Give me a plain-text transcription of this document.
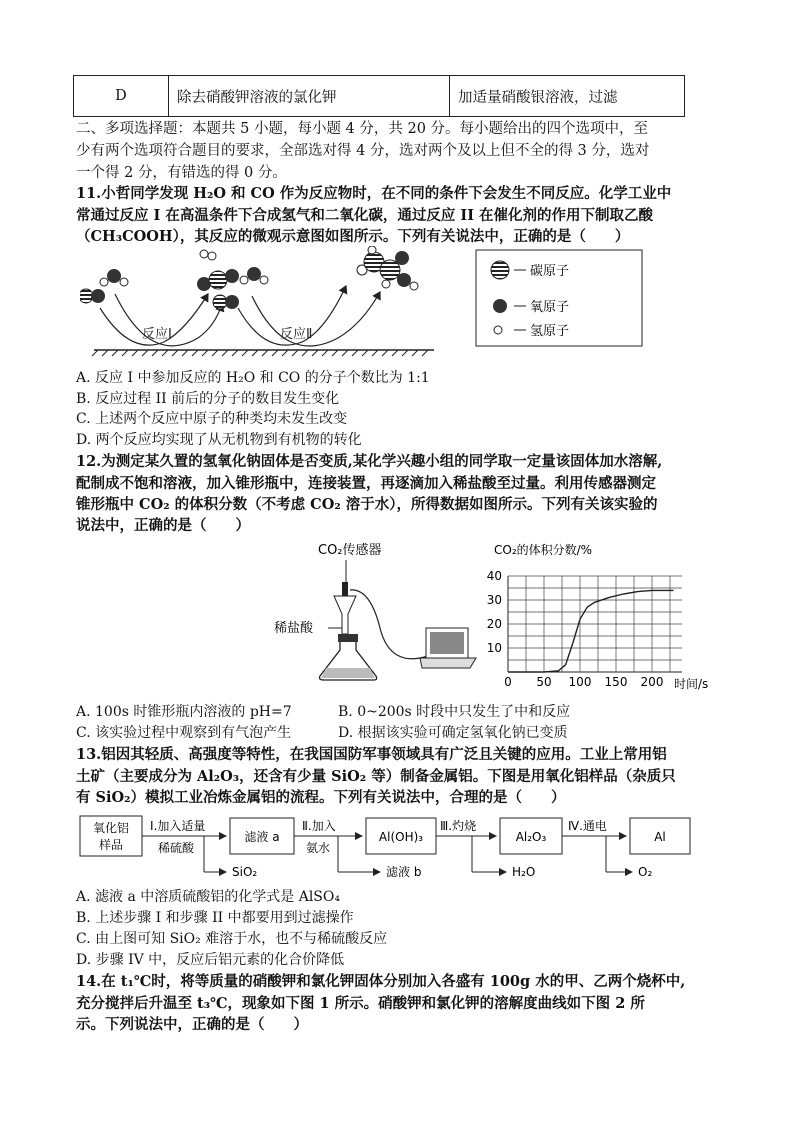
D	除去硝酸钾溶液的氯化钾	加适量硝酸银溶液，过滤
二、多项选择题：本题共 5 小题，每小题 4 分，共 20 分。每小题给出的四个选项中，至
少有两个选项符合题目的要求，全部选对得 4 分，选对两个及以上但不全的得 3 分，选对
一个得 2 分，有错选的得 0 分。
11.小哲同学发现 H₂O 和 CO 作为反应物时，在不同的条件下会发生不同反应。化学工业中
常通过反应 I 在高温条件下合成氢气和二氧化碳，通过反应 II 在催化剂的作用下制取乙酸
（CH₃COOH），其反应的微观示意图如图所示。下列有关说法中，正确的是（　　）
反应Ⅰ	反应Ⅱ
碳原子
氧原子
氢原子
A. 反应 I 中参加反应的 H₂O 和 CO 的分子个数比为 1:1
B. 反应过程 II 前后的分子的数目发生变化
C. 上述两个反应中原子的种类均未发生改变
D. 两个反应均实现了从无机物到有机物的转化
12.为测定某久置的氢氧化钠固体是否变质,某化学兴趣小组的同学取一定量该固体加水溶解,
配制成不饱和溶液，加入锥形瓶中，连接装置，再逐滴加入稀盐酸至过量。利用传感器测定
锥形瓶中 CO₂ 的体积分数（不考虑 CO₂ 溶于水），所得数据如图所示。下列有关该实验的
说法中，正确的是（　　）
CO₂传感器
稀盐酸
CO₂的体积分数/%
时间/s
0 50 100 150 200
10
20
30
40
A. 100s 时锥形瓶内溶液的 pH=7	B. 0~200s 时段中只发生了中和反应
C. 该实验过程中观察到有气泡产生	D. 根据该实验可确定氢氧化钠已变质
13.铝因其轻质、高强度等特性，在我国国防军事领域具有广泛且关键的应用。工业上常用铝
土矿（主要成分为 Al₂O₃，还含有少量 SiO₂ 等）制备金属铝。下图是用氧化铝样品（杂质只
有 SiO₂）模拟工业冶炼金属铝的流程。下列有关说法中，合理的是（　　）
氧化铝
样品
Ⅰ.加入适量
稀硫酸
SiO₂
滤液 a
Ⅱ.加入
氨水
滤液 b
Al(OH)₃
Ⅲ.灼烧
H₂O
Al₂O₃
Ⅳ.通电
O₂
Al
A. 滤液 a 中溶质硫酸铝的化学式是 AlSO₄
B. 上述步骤 I 和步骤 II 中都要用到过滤操作
C. 由上图可知 SiO₂ 难溶于水，也不与稀硫酸反应
D. 步骤 IV 中，反应后铝元素的化合价降低
14.在 t₁℃时，将等质量的硝酸钾和氯化钾固体分别加入各盛有 100g 水的甲、乙两个烧杯中,
充分搅拌后升温至 t₃℃，现象如下图 1 所示。硝酸钾和氯化钾的溶解度曲线如下图 2 所
示。下列说法中，正确的是（　　）
